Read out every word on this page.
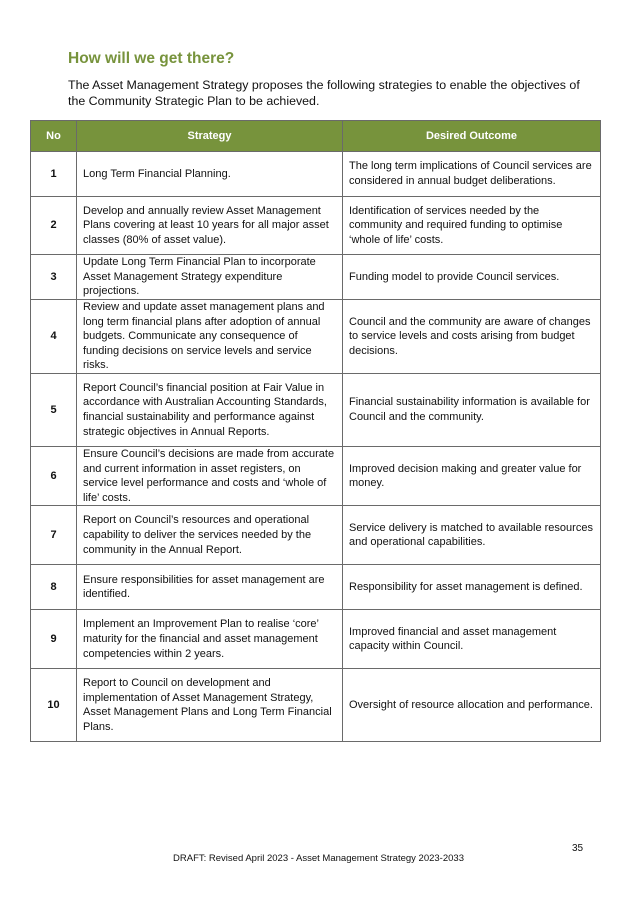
How will we get there?

The Asset Management Strategy proposes the following strategies to enable the objectives of the Community Strategic Plan to be achieved.

No	Strategy	Desired Outcome
1	Long Term Financial Planning.	The long term implications of Council services are considered in annual budget deliberations.
2	Develop and annually review Asset Management Plans covering at least 10 years for all major asset classes (80% of asset value).	Identification of services needed by the community and required funding to optimise ‘whole of life’ costs.
3	Update Long Term Financial Plan to incorporate Asset Management Strategy expenditure projections.	Funding model to provide Council services.
4	Review and update asset management plans and long term financial plans after adoption of annual budgets. Communicate any consequence of funding decisions on service levels and service risks.	Council and the community are aware of changes to service levels and costs arising from budget decisions.
5	Report Council’s financial position at Fair Value in accordance with Australian Accounting Standards, financial sustainability and performance against strategic objectives in Annual Reports.	Financial sustainability information is available for Council and the community.
6	Ensure Council’s decisions are made from accurate and current information in asset registers, on service level performance and costs and ‘whole of life’ costs.	Improved decision making and greater value for money.
7	Report on Council’s resources and operational capability to deliver the services needed by the community in the Annual Report.	Service delivery is matched to available resources and operational capabilities.
8	Ensure responsibilities for asset management are identified.	Responsibility for asset management is defined.
9	Implement an Improvement Plan to realise ‘core’ maturity for the financial and asset management competencies within 2 years.	Improved financial and asset management capacity within Council.
10	Report to Council on development and implementation of Asset Management Strategy, Asset Management Plans and Long Term Financial Plans.	Oversight of resource allocation and performance.

35

DRAFT: Revised April 2023 - Asset Management Strategy 2023-2033
